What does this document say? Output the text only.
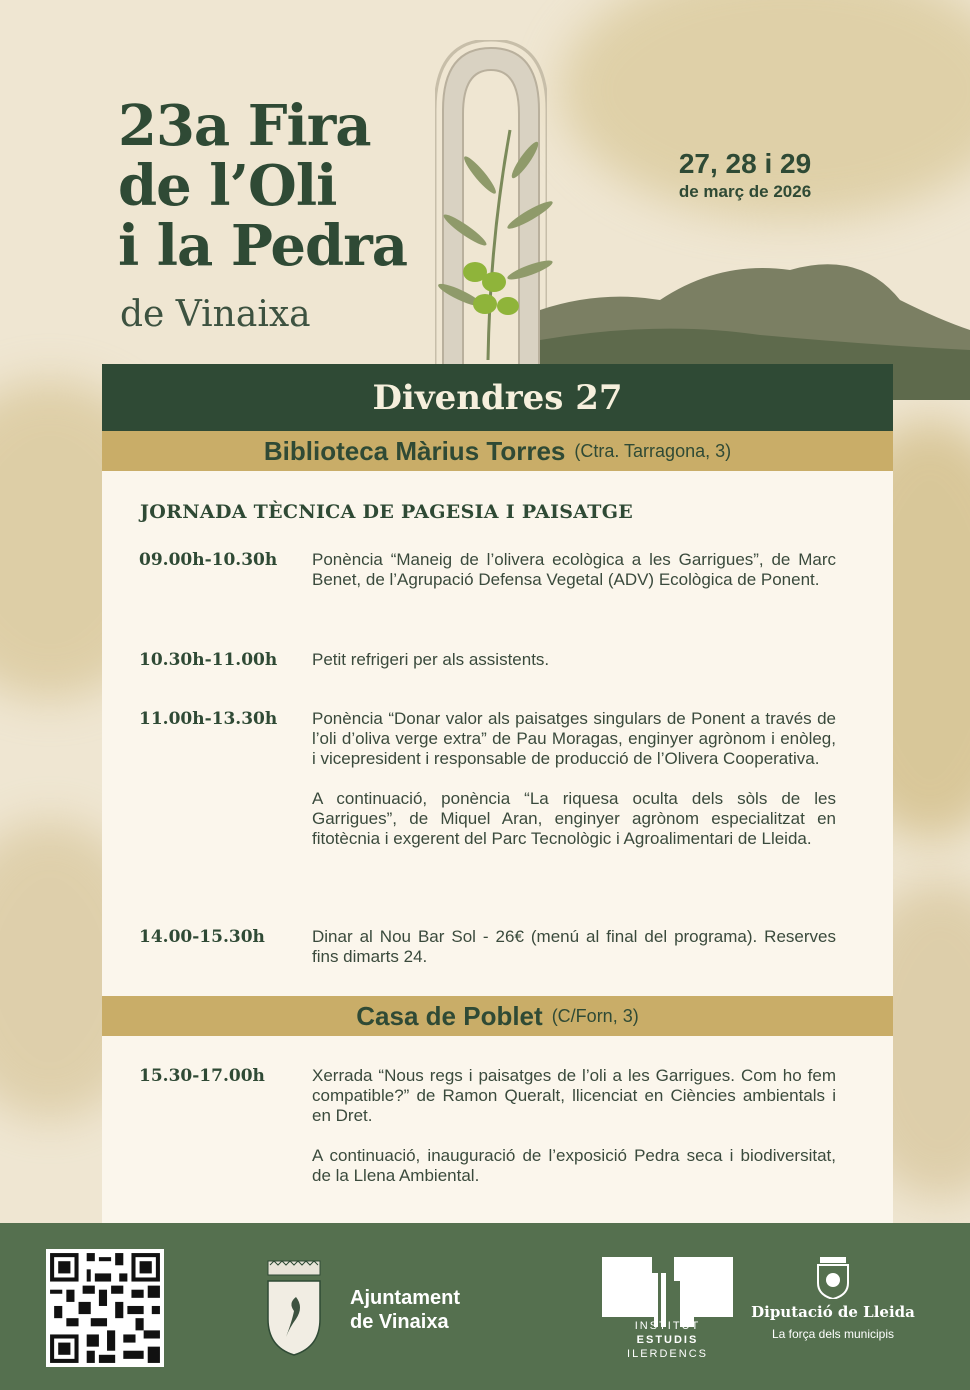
23a Fira
de l’Oli
i la Pedra
de Vinaixa
27, 28 i 29
de març de 2026
Divendres 27
Biblioteca Màrius Torres (Ctra. Tarragona, 3)
JORNADA TÈCNICA DE PAGESIA I PAISATGE
09.00h-10.30h	Ponència “Maneig de l’olivera ecològica a les Garrigues”, de Marc Benet, de l’Agrupació Defensa Vegetal (ADV) Ecològica de Ponent.

10.30h-11.00h	Petit refrigeri per als assistents.

11.00h-13.30h	Ponència “Donar valor als paisatges singulars de Ponent a través de l’oli d’oliva verge extra” de Pau Moragas, enginyer agrònom i enòleg, i vicepresident i responsable de producció de l’Olivera Cooperativa.

A continuació, ponència “La riquesa oculta dels sòls de les Garrigues”, de Miquel Aran, enginyer agrònom especialitzat en fitotècnia i exgerent del Parc Tecnològic i Agroalimentari de Lleida.

14.00-15.30h	Dinar al Nou Bar Sol - 26€ (menú al final del programa). Reserves fins dimarts 24.

Casa de Poblet (C/Forn, 3)
15.30-17.00h	Xerrada “Nous regs i paisatges de l’oli a les Garrigues. Com ho fem compatible?” de Ramon Queralt, llicenciat en Ciències ambientals i en Dret.

A continuació, inauguració de l’exposició Pedra seca i biodiversitat, de la Llena Ambiental.

Ajuntament
de Vinaixa	INSTITUT
ESTUDIS
ILERDENCS
Diputació de Lleida
La força dels municipis
